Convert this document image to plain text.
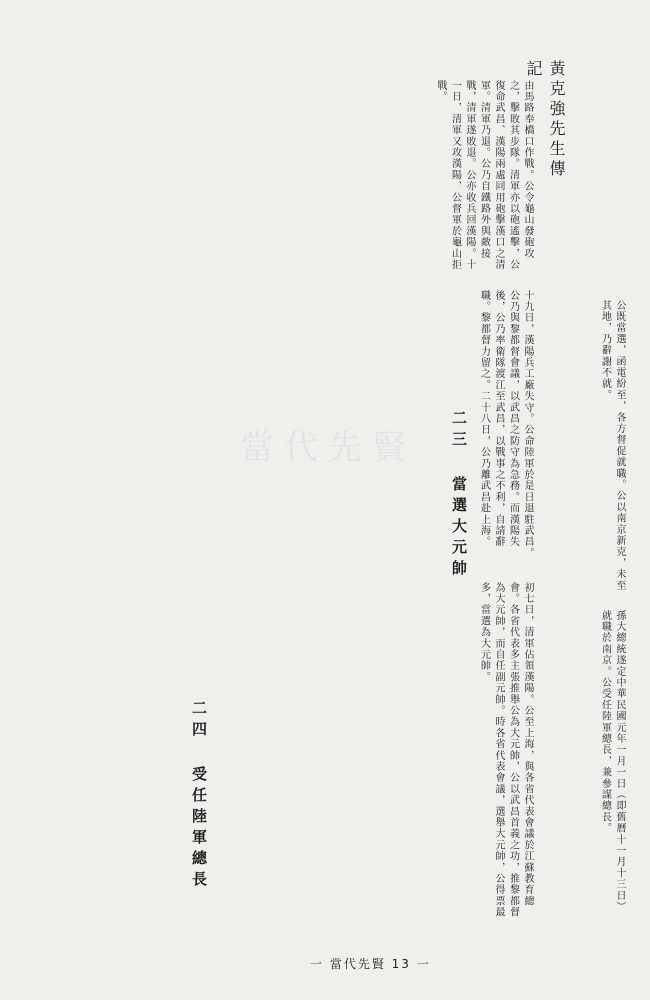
黃克強先生傳記
當代先賢
由馬路奉橋口作戰。公令龜山發砲攻之，擊敗其步隊。清軍亦以砲遙擊，公復命武昌、漢陽兩處同用砲擊漢口之清軍。清軍乃退。公乃自鐵路外與敵接戰，清軍遂敗退。公亦收兵回漢陽。十一日，清軍又攻漢陽，公督軍於龜山拒戰。
十九日，漢陽兵工廠失守。公命陸軍於是日退駐武昌。公乃與黎都督會議，以武昌之防守為急務。而漢陽失後，公乃率衛隊渡江至武昌，以戰事之不利，自請辭職。黎都督力留之。二十八日，公乃離武昌赴上海。
二三 當選大元帥
初七日，清軍佔領漢陽。公至上海，與各省代表會議於江蘇教育總會。各省代表多主張推舉公為大元帥，公以武昌首義之功，推黎都督為大元帥，而自任副元帥。時各省代表會議，選舉大元帥，公得票最多，當選為大元帥。
公既當選，函電紛至，各方督促就職。公以南京新克，未至其地，乃辭謝不就。
二四 受任陸軍總長	孫大總統遂定中華民國元年一月一日（即舊曆十一月十三日）就職於南京。公受任陸軍總長，兼參謀總長。
一 當代先賢 13 一
